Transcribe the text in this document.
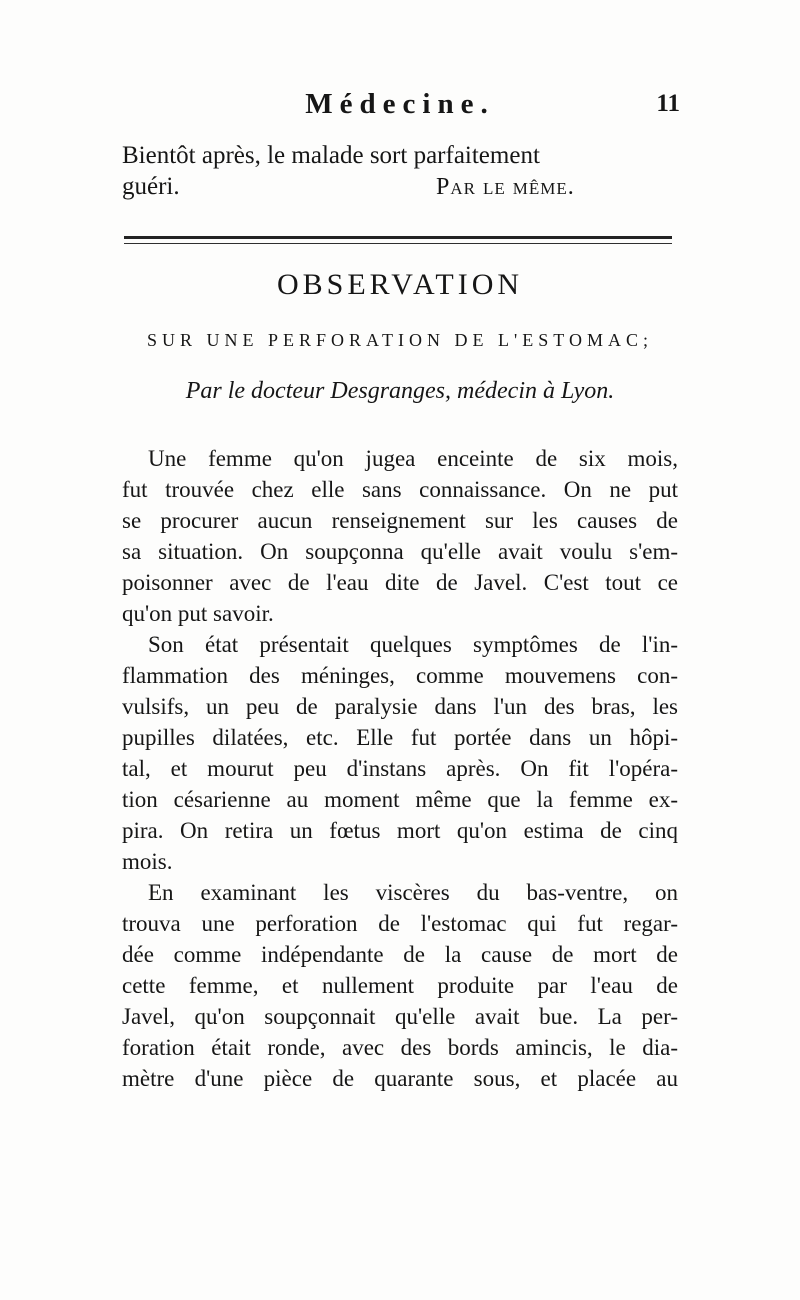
Médecine.	11
Bientôt après, le malade sort parfaitement
guéri.	Par le même.
OBSERVATION
SUR UNE PERFORATION DE L'ESTOMAC;
Par le docteur Desgranges, médecin à Lyon.
Une femme qu'on jugea enceinte de six mois,
fut trouvée chez elle sans connaissance. On ne put
se procurer aucun renseignement sur les causes de
sa situation. On soupçonna qu'elle avait voulu s'em-
poisonner avec de l'eau dite de Javel. C'est tout ce
qu'on put savoir.
Son état présentait quelques symptômes de l'in-
flammation des méninges, comme mouvemens con-
vulsifs, un peu de paralysie dans l'un des bras, les
pupilles dilatées, etc. Elle fut portée dans un hôpi-
tal, et mourut peu d'instans après. On fit l'opéra-
tion césarienne au moment même que la femme ex-
pira. On retira un fœtus mort qu'on estima de cinq
mois.
En examinant les viscères du bas-ventre, on
trouva une perforation de l'estomac qui fut regar-
dée comme indépendante de la cause de mort de
cette femme, et nullement produite par l'eau de
Javel, qu'on soupçonnait qu'elle avait bue. La per-
foration était ronde, avec des bords amincis, le dia-
mètre d'une pièce de quarante sous, et placée au
